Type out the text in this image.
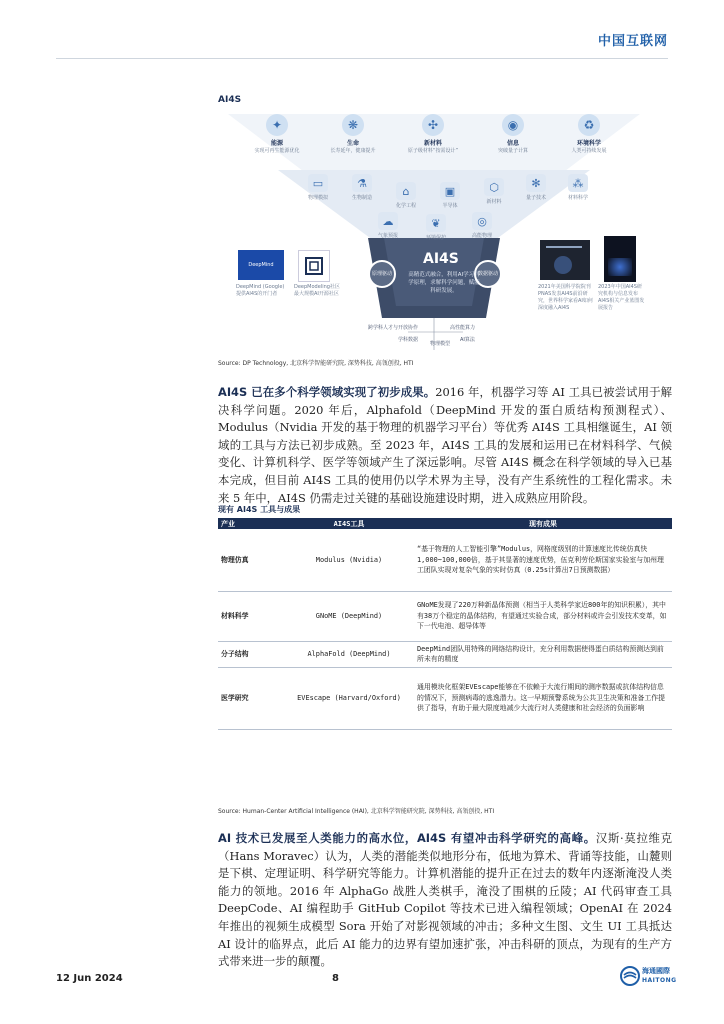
中国互联网
AI4S
✦
能源
实现可再生能源优化
❋
生命
长寿延年，健康提升
✣
新材料
原子级材料“按需设计”
◉
信息
突破量子计算
♻
环境科学
人类可持续发展
▭
物理模拟
⚗
生物制造
⌂
化学工程
▣
半导体
⬡
新材料
✻
量子技术
⁂
材料科学
☁
气象预报
❦
环境保护
◎
高能物理
原理驱动	数据驱动
跨学科人才与开放协作	高性能算力
学科数据
物理模型
AI算法
DeepMind
DeepMind (Google) 提供AI4S的开门者
DeepModeling社区 最大规模AI开源社区
2021年美国科学院院刊PNAS发表AI4S前沿研究，世界科学家看AI如何深度融入AI4S
2023年中国AI4S研究机构与信息发布AI4S相关产业蓝图发展报告
AI4S
高精范式融合，利用AI学习科学原理，求解科学问题，赋能科研发展。
Source: DP Technology, 北京科学智能研究院, 深势科技, 高瓴创投, HTI
AI4S 已在多个科学领域实现了初步成果。2016 年，机器学习等 AI 工具已被尝试用于解决科学问题。2020 年后，Alphafold（DeepMind 开发的蛋白质结构预测程式）、Modulus（Nvidia 开发的基于物理的机器学习平台）等优秀 AI4S 工具相继诞生，AI 领域的工具与方法已初步成熟。至 2023 年，AI4S 工具的发展和运用已在材料科学、气候变化、计算机科学、医学等领域产生了深远影响。尽管 AI4S 概念在科学领域的导入已基本完成，但目前 AI4S 工具的使用仍以学术界为主导，没有产生系统性的工程化需求。未来 5 年中，AI4S 仍需走过关键的基础设施建设时期，进入成熟应用阶段。
现有 AI4S 工具与成果
产业	AI4S工具	现有成果
物理仿真	Modulus (Nvidia)	“基于物理的人工智能引擎”Modulus，网格度级别的计算速度比传统仿真快1,000~100,000倍，基于其显著的速度优势，伍克利劳伦斯国家实验室与加州理工团队实现对复杂气象的实时仿真（0.25s计算出7日预测数据）
材料科学	GNoME (DeepMind)	GNoME发现了220万种新晶体预测（相当于人类科学家近800年的知识积累），其中有38万个稳定的晶体结构，有望通过实验合成，部分材料或许会引发技术变革，如下一代电池、超导体等
分子结构	AlphaFold (DeepMind)	DeepMind团队用特殊的网络结构设计，充分利用数据使得蛋白质结构预测达到前所未有的精度
医学研究	EVEscape (Harvard/Oxford)	通用模块化框架EVEscape能够在不依赖于大流行期间的测序数据或抗体结构信息的情况下，预测病毒的逃逸潜力。这一早期预警系统为公共卫生决策和准备工作提供了指导，有助于最大限度地减少大流行对人类健康和社会经济的负面影响
Source: Human-Center Artificial Intelligence (HAI), 北京科学智能研究院, 深势科技, 高瓴创投, HTI
AI 技术已发展至人类能力的高水位，AI4S 有望冲击科学研究的高峰。汉斯·莫拉维克（Hans Moravec）认为，人类的潜能类似地形分布，低地为算术、背诵等技能，山麓则是下棋、定理证明、科学研究等能力。计算机潜能的提升正在过去的数年内逐渐淹没人类能力的领地。2016 年 AlphaGo 战胜人类棋手，淹没了围棋的丘陵；AI 代码审查工具 DeepCode、AI 编程助手 GitHub Copilot 等技术已进入编程领域；OpenAI 在 2024 年推出的视频生成模型 Sora 开始了对影视领域的冲击；多种文生图、文生 UI 工具抵达 AI 设计的临界点，此后 AI 能力的边界有望加速扩张，冲击科研的顶点，为现有的生产方式带来进一步的颠覆。
12 Jun 2024	8
海通國際
HAITONG
